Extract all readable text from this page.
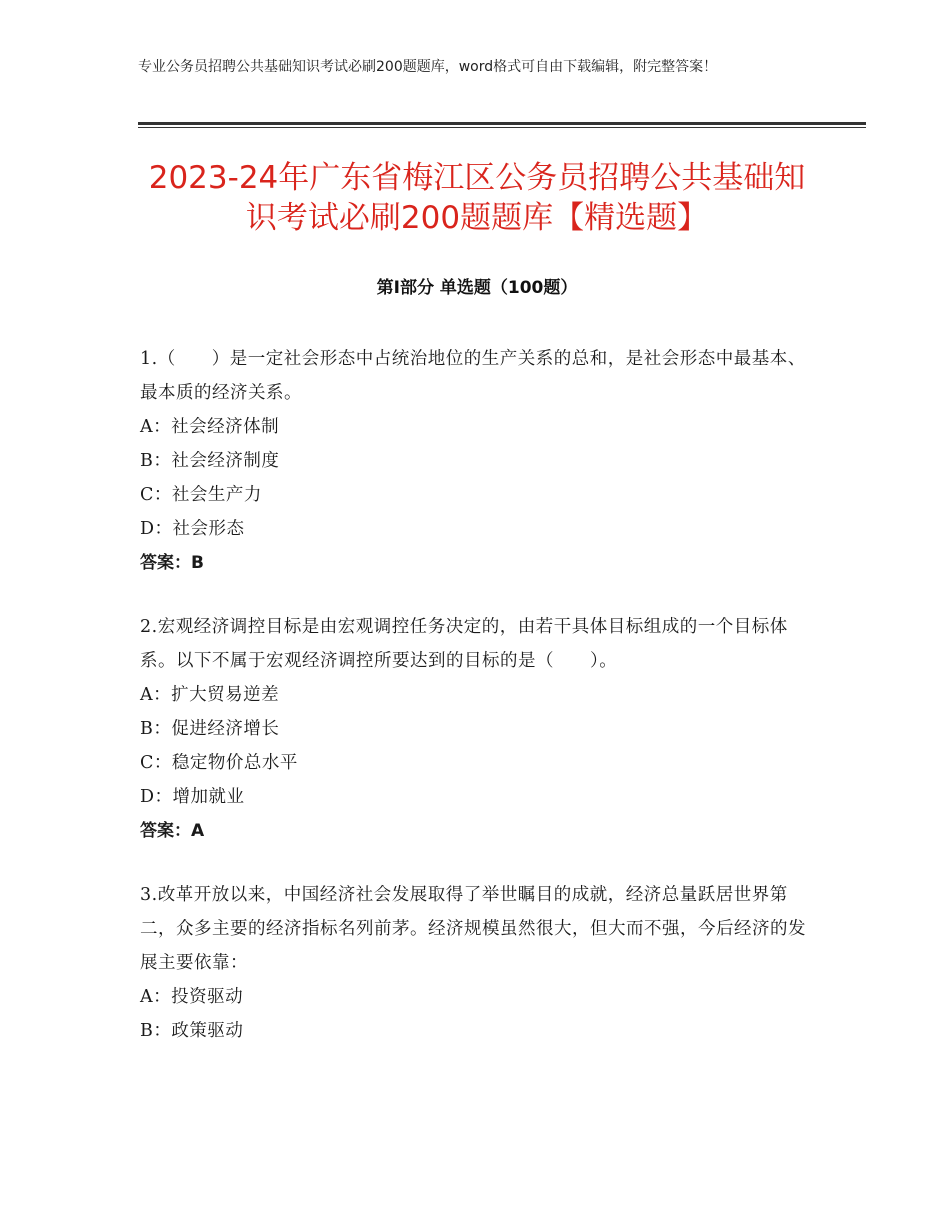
专业公务员招聘公共基础知识考试必刷200题题库，word格式可自由下载编辑，附完整答案！
2023-24年广东省梅江区公务员招聘公共基础知识考试必刷200题题库【精选题】
第Ⅰ部分 单选题（100题）
1.（　　）是一定社会形态中占统治地位的生产关系的总和，是社会形态中最基本、最本质的经济关系。
A：社会经济体制
B：社会经济制度
C：社会生产力
D：社会形态
答案：B
2.宏观经济调控目标是由宏观调控任务决定的，由若干具体目标组成的一个目标体系。以下不属于宏观经济调控所要达到的目标的是（　　）。
A：扩大贸易逆差
B：促进经济增长
C：稳定物价总水平
D：增加就业
答案：A
3.改革开放以来，中国经济社会发展取得了举世瞩目的成就，经济总量跃居世界第二，众多主要的经济指标名列前茅。经济规模虽然很大，但大而不强，今后经济的发展主要依靠：
A：投资驱动
B：政策驱动
